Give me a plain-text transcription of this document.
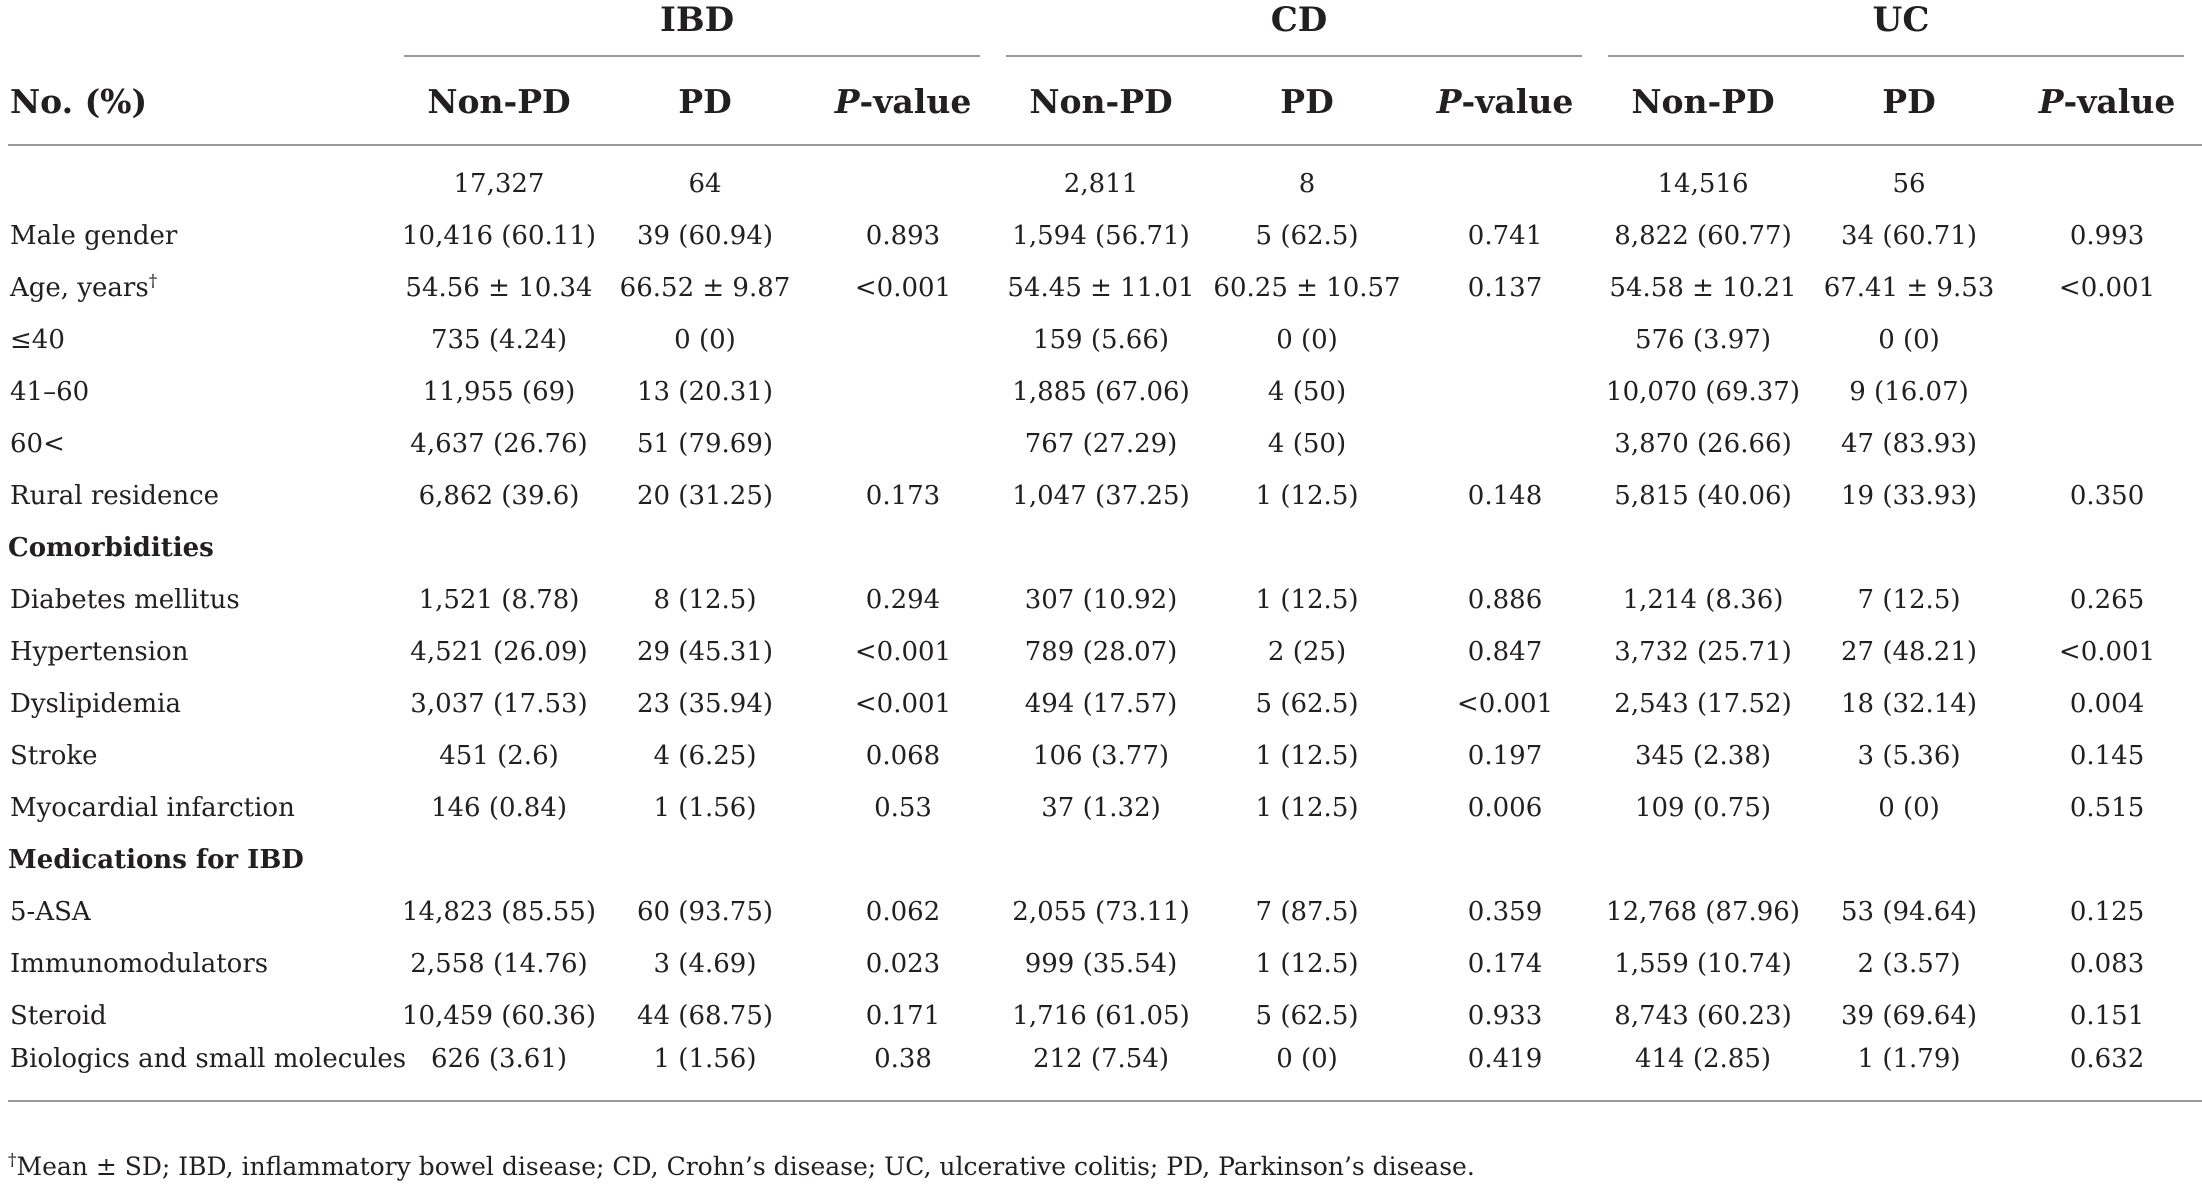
	IBD			CD			UC		

No. (%)	Non-PD	PD	P-value	Non-PD	PD	P-value	Non-PD	PD	P-value

	17,327	64		2,811	8		14,516	56	
Male gender	10,416 (60.11)	39 (60.94)	0.893	1,594 (56.71)	5 (62.5)	0.741	8,822 (60.77)	34 (60.71)	0.993
Age, years†	54.56 ± 10.34	66.52 ± 9.87	<0.001	54.45 ± 11.01	60.25 ± 10.57	0.137	54.58 ± 10.21	67.41 ± 9.53	<0.001
≤40	735 (4.24)	0 (0)		159 (5.66)	0 (0)		576 (3.97)	0 (0)	
41–60	11,955 (69)	13 (20.31)		1,885 (67.06)	4 (50)		10,070 (69.37)	9 (16.07)	
60<	4,637 (26.76)	51 (79.69)		767 (27.29)	4 (50)		3,870 (26.66)	47 (83.93)	
Rural residence	6,862 (39.6)	20 (31.25)	0.173	1,047 (37.25)	1 (12.5)	0.148	5,815 (40.06)	19 (33.93)	0.350
Comorbidities									
Diabetes mellitus	1,521 (8.78)	8 (12.5)	0.294	307 (10.92)	1 (12.5)	0.886	1,214 (8.36)	7 (12.5)	0.265
Hypertension	4,521 (26.09)	29 (45.31)	<0.001	789 (28.07)	2 (25)	0.847	3,732 (25.71)	27 (48.21)	<0.001
Dyslipidemia	3,037 (17.53)	23 (35.94)	<0.001	494 (17.57)	5 (62.5)	<0.001	2,543 (17.52)	18 (32.14)	0.004
Stroke	451 (2.6)	4 (6.25)	0.068	106 (3.77)	1 (12.5)	0.197	345 (2.38)	3 (5.36)	0.145
Myocardial infarction	146 (0.84)	1 (1.56)	0.53	37 (1.32)	1 (12.5)	0.006	109 (0.75)	0 (0)	0.515
Medications for IBD									
5-ASA	14,823 (85.55)	60 (93.75)	0.062	2,055 (73.11)	7 (87.5)	0.359	12,768 (87.96)	53 (94.64)	0.125
Immunomodulators	2,558 (14.76)	3 (4.69)	0.023	999 (35.54)	1 (12.5)	0.174	1,559 (10.74)	2 (3.57)	0.083
Steroid	10,459 (60.36)	44 (68.75)	0.171	1,716 (61.05)	5 (62.5)	0.933	8,743 (60.23)	39 (69.64)	0.151
Biologics and small molecules	626 (3.61)	1 (1.56)	0.38	212 (7.54)	0 (0)	0.419	414 (2.85)	1 (1.79)	0.632
†Mean ± SD; IBD, inflammatory bowel disease; CD, Crohn’s disease; UC, ulcerative colitis; PD, Parkinson’s disease.
